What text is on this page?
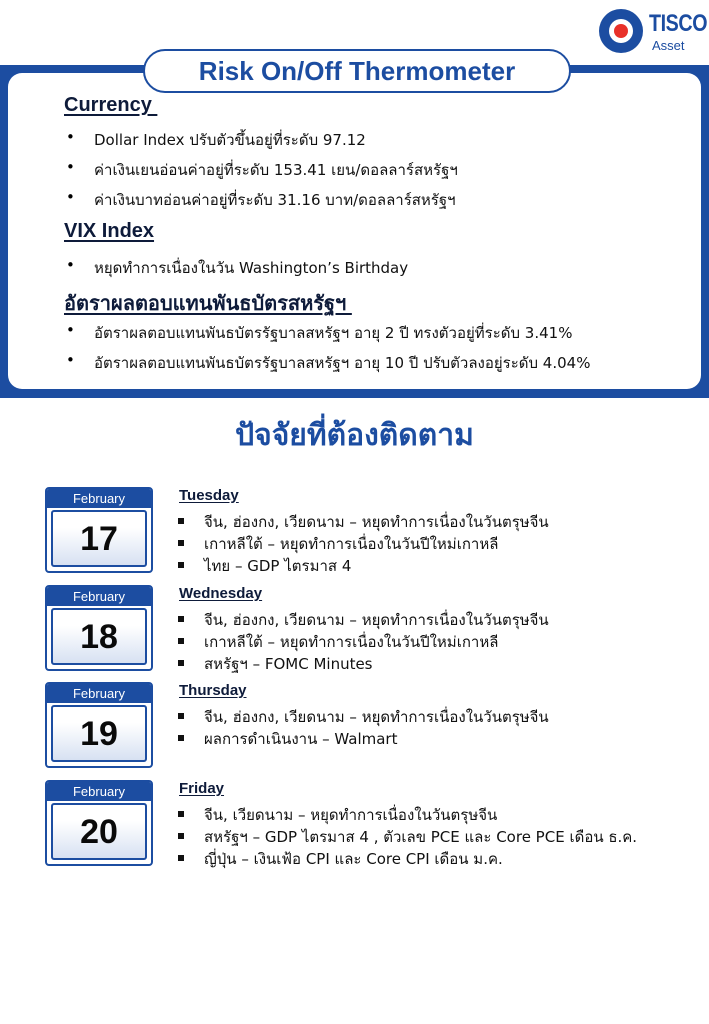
TISCO
Asset
Risk On/Off Thermometer
Currency
• Dollar Index ปรับตัวขึ้นอยู่ที่ระดับ 97.12
• ค่าเงินเยนอ่อนค่าอยู่ที่ระดับ 153.41 เยน/ดอลลาร์สหรัฐฯ
• ค่าเงินบาทอ่อนค่าอยู่ที่ระดับ 31.16 บาท/ดอลลาร์สหรัฐฯ
VIX Index
• หยุดทำการเนื่องในวัน Washington’s Birthday
อัตราผลตอบแทนพันธบัตรสหรัฐฯ
• อัตราผลตอบแทนพันธบัตรรัฐบาลสหรัฐฯ อายุ 2 ปี ทรงตัวอยู่ที่ระดับ 3.41%
• อัตราผลตอบแทนพันธบัตรรัฐบาลสหรัฐฯ อายุ 10 ปี ปรับตัวลงอยู่ระดับ 4.04%
ปัจจัยที่ต้องติดตาม
February
17
Tuesday
จีน, ฮ่องกง, เวียดนาม – หยุดทำการเนื่องในวันตรุษจีน
เกาหลีใต้ – หยุดทำการเนื่องในวันปีใหม่เกาหลี
ไทย – GDP ไตรมาส 4
February
18
Wednesday
จีน, ฮ่องกง, เวียดนาม – หยุดทำการเนื่องในวันตรุษจีน
เกาหลีใต้ – หยุดทำการเนื่องในวันปีใหม่เกาหลี
สหรัฐฯ – FOMC Minutes
February
19
Thursday
จีน, ฮ่องกง, เวียดนาม – หยุดทำการเนื่องในวันตรุษจีน
ผลการดำเนินงาน – Walmart
February
20
Friday
จีน, เวียดนาม – หยุดทำการเนื่องในวันตรุษจีน
สหรัฐฯ – GDP ไตรมาส 4 , ตัวเลข PCE และ Core PCE เดือน ธ.ค.
ญี่ปุ่น – เงินเฟ้อ CPI และ Core CPI เดือน ม.ค.
